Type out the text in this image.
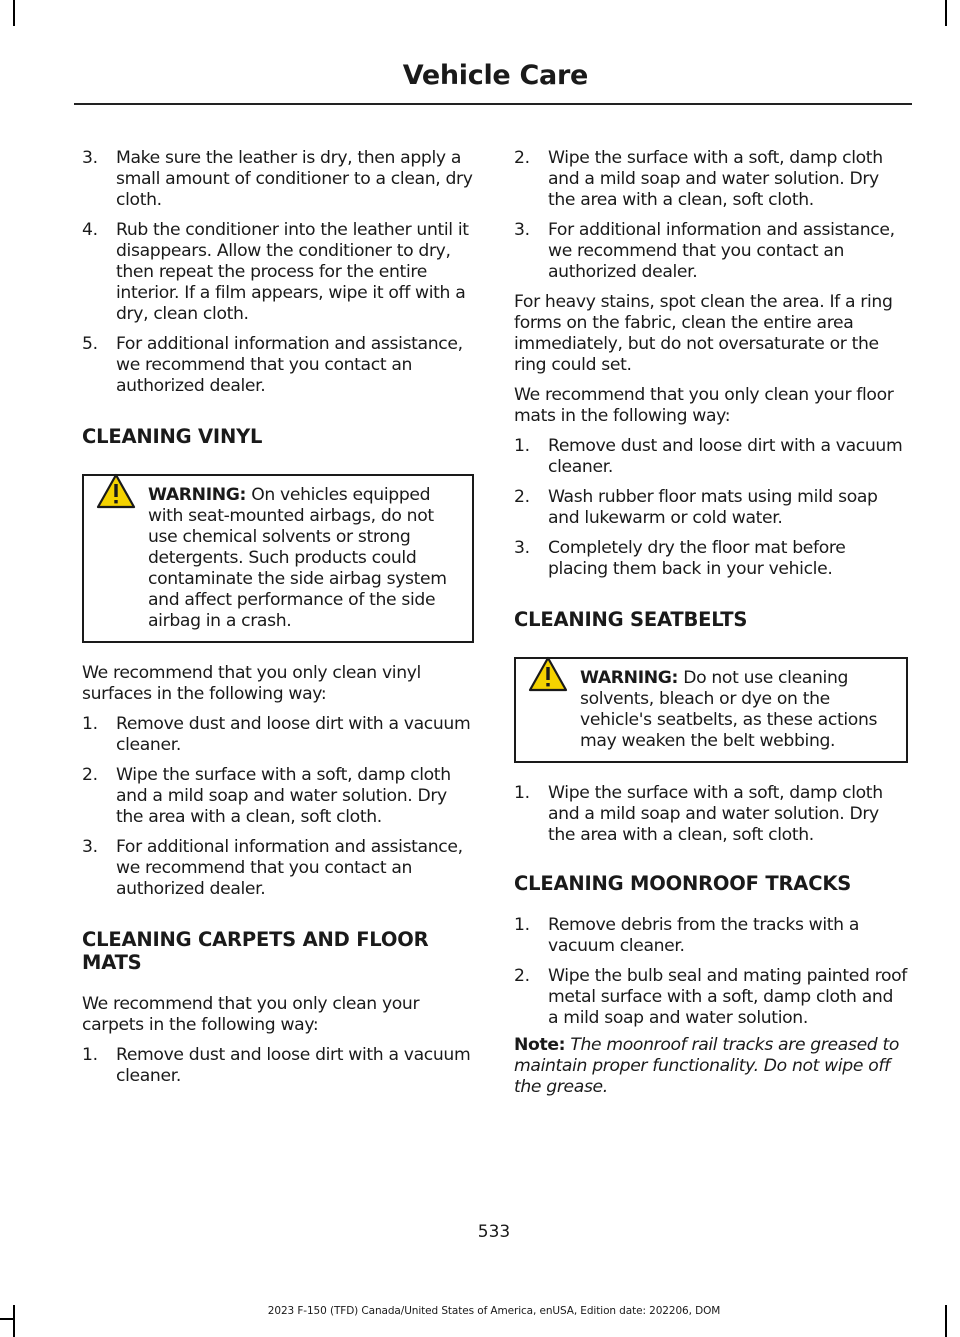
Vehicle Care
3. Make sure the leather is dry, then apply a small amount of conditioner to a clean, dry cloth.
4. Rub the conditioner into the leather until it disappears. Allow the conditioner to dry, then repeat the process for the entire interior. If a film appears, wipe it off with a dry, clean cloth.
5. For additional information and assistance, we recommend that you contact an authorized dealer.
CLEANING VINYL
WARNING: On vehicles equipped with seat-mounted airbags, do not use chemical solvents or strong detergents. Such products could contaminate the side airbag system and affect performance of the side airbag in a crash.

We recommend that you only clean vinyl surfaces in the following way:

1. Remove dust and loose dirt with a vacuum cleaner.
2. Wipe the surface with a soft, damp cloth and a mild soap and water solution. Dry the area with a clean, soft cloth.
3. For additional information and assistance, we recommend that you contact an authorized dealer.
CLEANING CARPETS AND FLOOR MATS

We recommend that you only clean your carpets in the following way:

1. Remove dust and loose dirt with a vacuum cleaner.
2. Wipe the surface with a soft, damp cloth and a mild soap and water solution. Dry the area with a clean, soft cloth.
3. For additional information and assistance, we recommend that you contact an authorized dealer.

For heavy stains, spot clean the area. If a ring forms on the fabric, clean the entire area immediately, but do not oversaturate or the ring could set.

We recommend that you only clean your floor mats in the following way:

1. Remove dust and loose dirt with a vacuum cleaner.
2. Wash rubber floor mats using mild soap and lukewarm or cold water.
3. Completely dry the floor mat before placing them back in your vehicle.
CLEANING SEATBELTS
WARNING: Do not use cleaning solvents, bleach or dye on the vehicle's seatbelts, as these actions may weaken the belt webbing.
1. Wipe the surface with a soft, damp cloth and a mild soap and water solution. Dry the area with a clean, soft cloth.
CLEANING MOONROOF TRACKS
1. Remove debris from the tracks with a vacuum cleaner.
2. Wipe the bulb seal and mating painted roof metal surface with a soft, damp cloth and a mild soap and water solution.

Note: The moonroof rail tracks are greased to maintain proper functionality. Do not wipe off the grease.

533
2023 F-150 (TFD) Canada/United States of America, enUSA, Edition date: 202206, DOM
